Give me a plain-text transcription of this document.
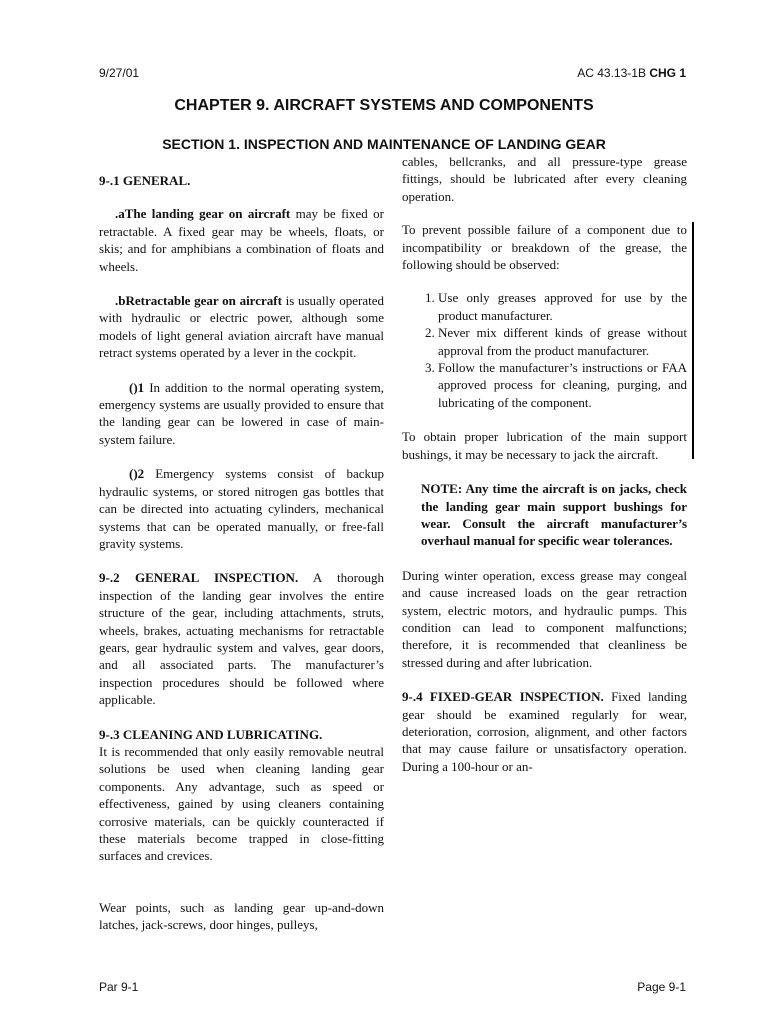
9/27/01	AC 43.13-1B CHG 1
CHAPTER 9. AIRCRAFT SYSTEMS AND COMPONENTS
SECTION 1. INSPECTION AND MAINTENANCE OF LANDING GEAR
9-.1 GENERAL.

.aThe landing gear on aircraft may be fixed or retractable. A fixed gear may be wheels, floats, or skis; and for amphibians a combination of floats and wheels.

.bRetractable gear on aircraft is usually operated with hydraulic or electric power, although some models of light general aviation aircraft have manual retract systems operated by a lever in the cockpit.

()1 In addition to the normal operating system, emergency systems are usually provided to ensure that the landing gear can be lowered in case of main-system failure.

()2 Emergency systems consist of backup hydraulic systems, or stored nitrogen gas bottles that can be directed into actuating cylinders, mechanical systems that can be operated manually, or free-fall gravity systems.

9-.2 GENERAL INSPECTION. A thorough inspection of the landing gear involves the entire structure of the gear, including attachments, struts, wheels, brakes, actuating mechanisms for retractable gears, gear hydraulic system and valves, gear doors, and all associated parts. The manufacturer’s inspection procedures should be followed where applicable.

9-.3 CLEANING AND LUBRICATING.

It is recommended that only easily removable neutral solutions be used when cleaning landing gear components. Any advantage, such as speed or effectiveness, gained by using cleaners containing corrosive materials, can be quickly counteracted if these materials become trapped in close-fitting surfaces and crevices.

Wear points, such as landing gear up-and-down latches, jack-screws, door hinges, pulleys,

cables, bellcranks, and all pressure-type grease fittings, should be lubricated after every cleaning operation.

To prevent possible failure of a component due to incompatibility or breakdown of the grease, the following should be observed:

1. Use only greases approved for use by the product manufacturer.
2. Never mix different kinds of grease without approval from the product manufacturer.
3. Follow the manufacturer’s instructions or FAA approved process for cleaning, purging, and lubricating of the component.

To obtain proper lubrication of the main support bushings, it may be necessary to jack the aircraft.

NOTE: Any time the aircraft is on jacks, check the landing gear main support bushings for wear. Consult the aircraft manufacturer’s overhaul manual for specific wear tolerances.

During winter operation, excess grease may congeal and cause increased loads on the gear retraction system, electric motors, and hydraulic pumps. This condition can lead to component malfunctions; therefore, it is recommended that cleanliness be stressed during and after lubrication.

9-.4 FIXED-GEAR INSPECTION. Fixed landing gear should be examined regularly for wear, deterioration, corrosion, alignment, and other factors that may cause failure or unsatisfactory operation. During a 100-hour or an-

Par 9-1	Page 9-1
